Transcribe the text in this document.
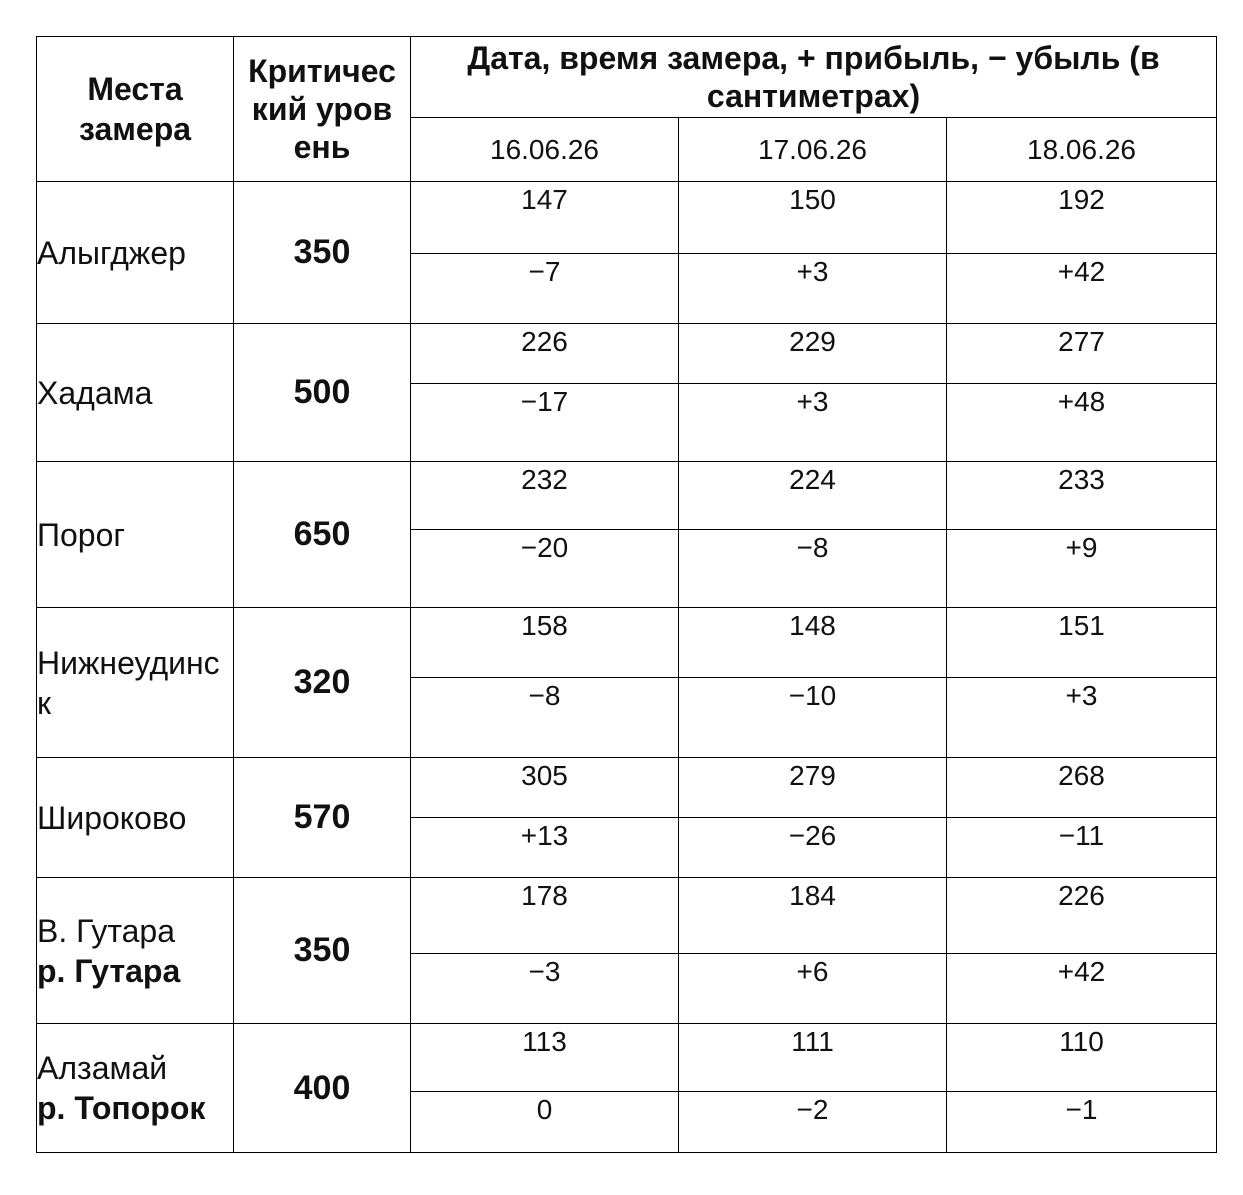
Места замера	Критический уровень	Дата, время замера, + прибыль, − убыль (в сантиметрах)		
		16.06.26	17.06.26	18.06.26

Алыгджер	350	147	150	192
		−7	+3	+42

Хадама	500	226	229	277
		−17	+3	+48

Порог	650	232	224	233
		−20	−8	+9

Нижнеудинск	320	158	148	151
		−8	−10	+3

Широково	570	305	279	268
		+13	−26	−11

В. Гутара
р. Гутара	350	178	184	226
		−3	+6	+42

Алзамай
р. Топорок	400	113	111	110
		0	−2	−1
